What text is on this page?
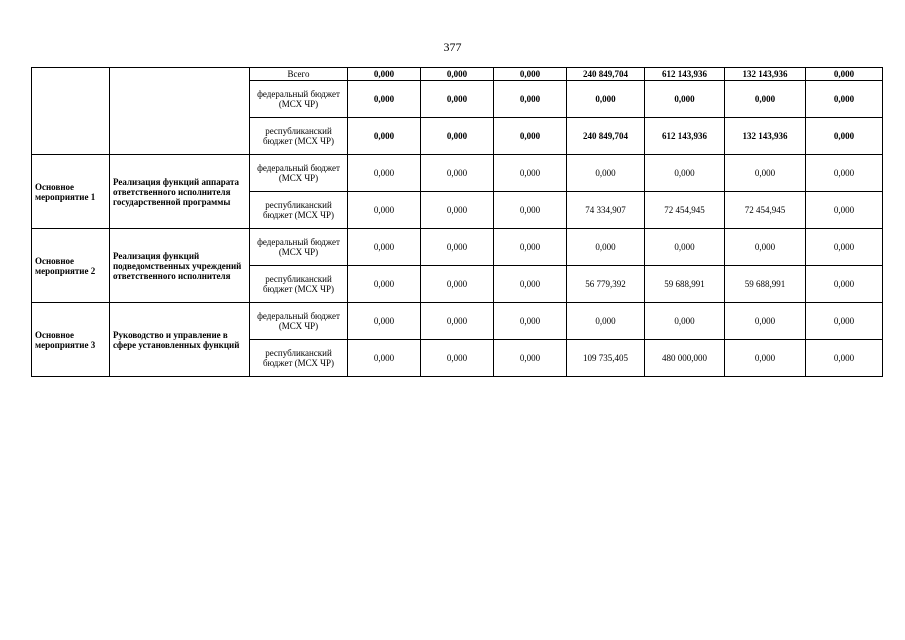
377
		Всего	0,000	0,000	0,000	240 849,704	612 143,936	132 143,936	0,000
		федеральный бюджет (МСХ ЧР)	0,000	0,000	0,000	0,000	0,000	0,000	0,000
		республиканский бюджет (МСХ ЧР)	0,000	0,000	0,000	240 849,704	612 143,936	132 143,936	0,000
Основное мероприятие 1	Реализация функций аппарата ответственного исполнителя государственной программы	федеральный бюджет (МСХ ЧР)	0,000	0,000	0,000	0,000	0,000	0,000	0,000
		республиканский бюджет (МСХ ЧР)	0,000	0,000	0,000	74 334,907	72 454,945	72 454,945	0,000
Основное мероприятие 2	Реализация функций подведомственных учреждений ответственного исполнителя	федеральный бюджет (МСХ ЧР)	0,000	0,000	0,000	0,000	0,000	0,000	0,000
		республиканский бюджет (МСХ ЧР)	0,000	0,000	0,000	56 779,392	59 688,991	59 688,991	0,000
Основное мероприятие 3	Руководство и управление в сфере установленных функций	федеральный бюджет (МСХ ЧР)	0,000	0,000	0,000	0,000	0,000	0,000	0,000
		республиканский бюджет (МСХ ЧР)	0,000	0,000	0,000	109 735,405	480 000,000	0,000	0,000
